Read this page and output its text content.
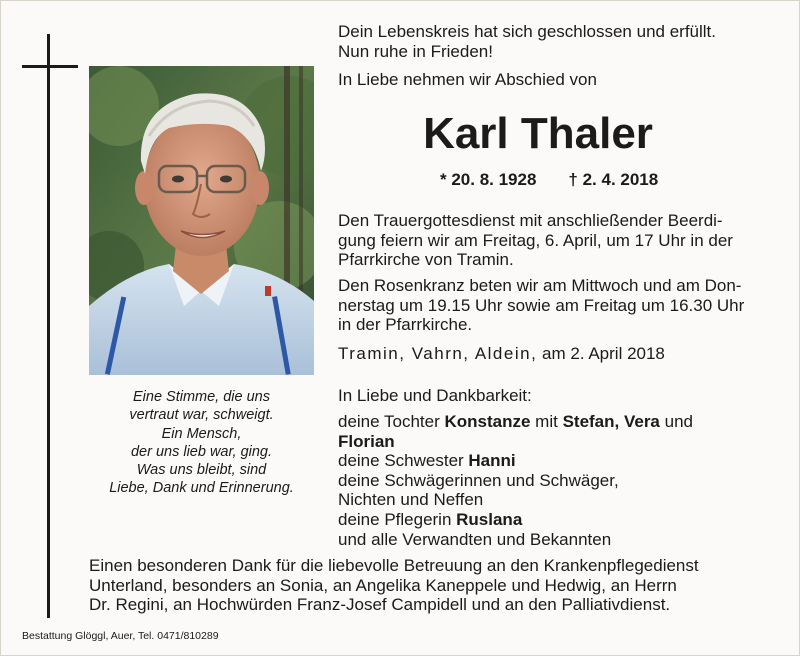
Eine Stimme, die uns
vertraut war, schweigt.
Ein Mensch,
der uns lieb war, ging.
Was uns bleibt, sind
Liebe, Dank und Erinnerung.
Dein Lebenskreis hat sich geschlossen und erfüllt.
Nun ruhe in Frieden!
In Liebe nehmen wir Abschied von
Karl Thaler
* 20. 8. 1928 † 2. 4. 2018
Den Trauergottesdienst mit anschließender Beerdi-
gung feiern wir am Freitag, 6. April, um 17 Uhr in der
Pfarrkirche von Tramin.
Den Rosenkranz beten wir am Mittwoch und am Don-
nerstag um 19.15 Uhr sowie am Freitag um 16.30 Uhr
in der Pfarrkirche.
Tramin, Vahrn, Aldein, am 2. April 2018
In Liebe und Dankbarkeit:
deine Tochter Konstanze mit Stefan, Vera und
Florian
deine Schwester Hanni
deine Schwägerinnen und Schwäger,
Nichten und Neffen
deine Pflegerin Ruslana
und alle Verwandten und Bekannten
Einen besonderen Dank für die liebevolle Betreuung an den Krankenpflegedienst
Unterland, besonders an Sonia, an Angelika Kaneppele und Hedwig, an Herrn
Dr. Regini, an Hochwürden Franz-Josef Campidell und an den Palliativdienst.
Bestattung Glöggl, Auer, Tel. 0471/810289
